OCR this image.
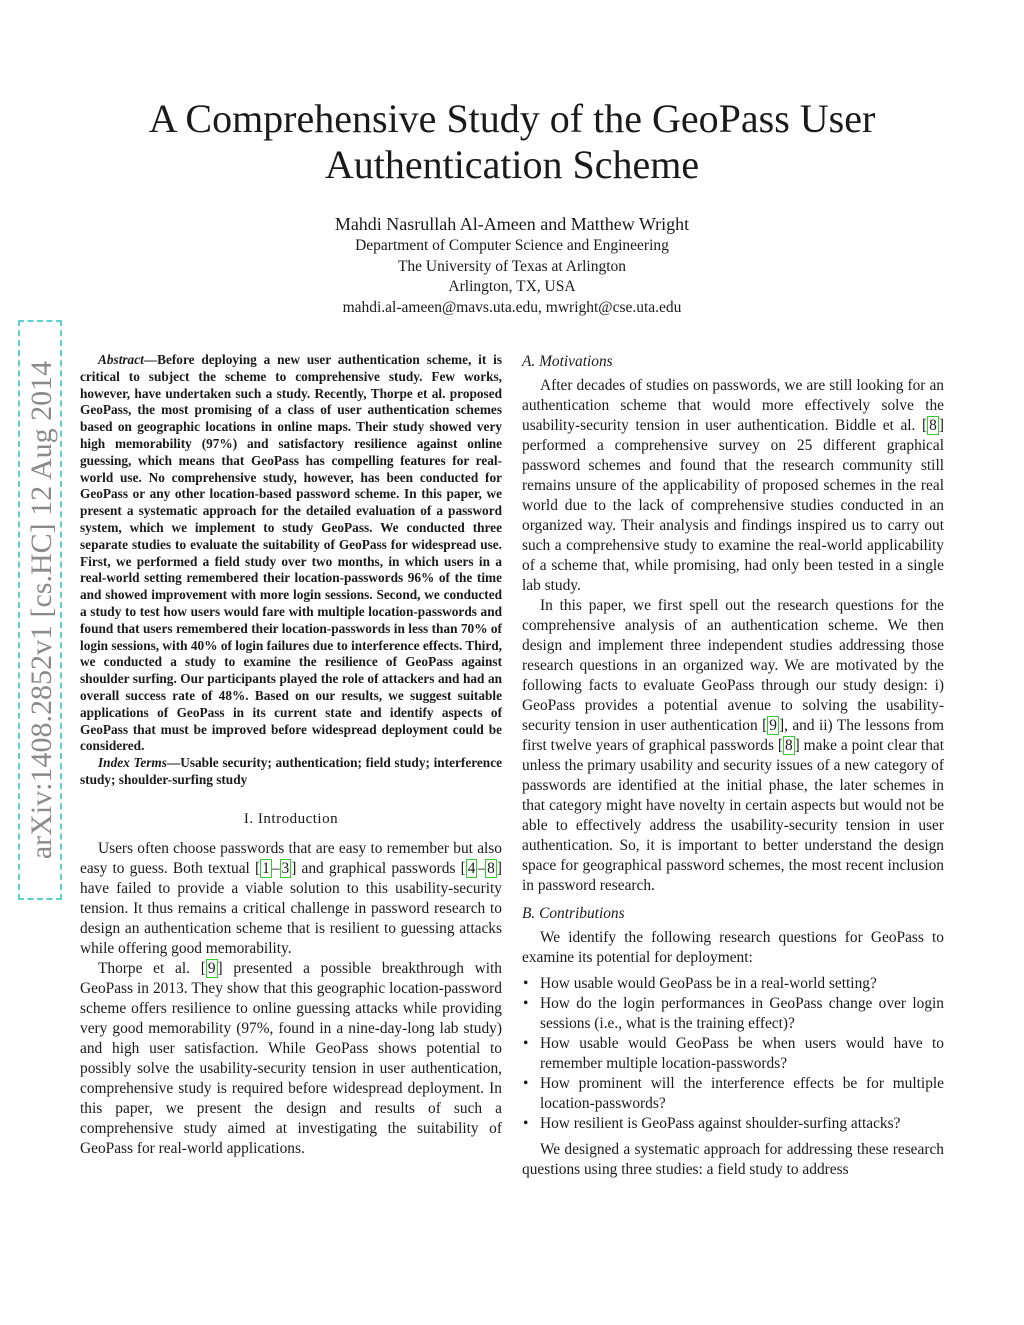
arXiv:1408.2852v1 [cs.HC] 12 Aug 2014
A Comprehensive Study of the GeoPass User Authentication Scheme
Mahdi Nasrullah Al-Ameen and Matthew Wright
Department of Computer Science and Engineering
The University of Texas at Arlington
Arlington, TX, USA
mahdi.al-ameen@mavs.uta.edu, mwright@cse.uta.edu

Abstract—Before deploying a new user authentication scheme, it is critical to subject the scheme to comprehensive study. Few works, however, have undertaken such a study. Recently, Thorpe et al. proposed GeoPass, the most promising of a class of user authentication schemes based on geographic locations in online maps. Their study showed very high memorability (97%) and satisfactory resilience against online guessing, which means that GeoPass has compelling features for real-world use. No comprehensive study, however, has been conducted for GeoPass or any other location-based password scheme. In this paper, we present a systematic approach for the detailed evaluation of a password system, which we implement to study GeoPass. We conducted three separate studies to evaluate the suitability of GeoPass for widespread use. First, we performed a field study over two months, in which users in a real-world setting remembered their location-passwords 96% of the time and showed improvement with more login sessions. Second, we conducted a study to test how users would fare with multiple location-passwords and found that users remembered their location-passwords in less than 70% of login sessions, with 40% of login failures due to interference effects. Third, we conducted a study to examine the resilience of GeoPass against shoulder surfing. Our participants played the role of attackers and had an overall success rate of 48%. Based on our results, we suggest suitable applications of GeoPass in its current state and identify aspects of GeoPass that must be improved before widespread deployment could be considered.

Index Terms—Usable security; authentication; field study; interference study; shoulder-surfing study

I. Introduction

Users often choose passwords that are easy to remember but also easy to guess. Both textual [ 1 – 3 ] and graphical passwords [ 4 – 8 ] have failed to provide a viable solution to this usability-security tension. It thus remains a critical challenge in password research to design an authentication scheme that is resilient to guessing attacks while offering good memorability.

Thorpe et al. [ 9 ] presented a possible breakthrough with GeoPass in 2013. They show that this geographic location-password scheme offers resilience to online guessing attacks while providing very good memorability (97%, found in a nine-day-long lab study) and high user satisfaction. While GeoPass shows potential to possibly solve the usability-security tension in user authentication, comprehensive study is required before widespread deployment. In this paper, we present the design and results of such a comprehensive study aimed at investigating the suitability of GeoPass for real-world applications.

A. Motivations

After decades of studies on passwords, we are still looking for an authentication scheme that would more effectively solve the usability-security tension in user authentication. Biddle et al. [ 8 ] performed a comprehensive survey on 25 different graphical password schemes and found that the research community still remains unsure of the applicability of proposed schemes in the real world due to the lack of comprehensive studies conducted in an organized way. Their analysis and findings inspired us to carry out such a comprehensive study to examine the real-world applicability of a scheme that, while promising, had only been tested in a single lab study.

In this paper, we first spell out the research questions for the comprehensive analysis of an authentication scheme. We then design and implement three independent studies addressing those research questions in an organized way. We are motivated by the following facts to evaluate GeoPass through our study design: i) GeoPass provides a potential avenue to solving the usability-security tension in user authentication [ 9 ], and ii) The lessons from first twelve years of graphical passwords [ 8 ] make a point clear that unless the primary usability and security issues of a new category of passwords are identified at the initial phase, the later schemes in that category might have novelty in certain aspects but would not be able to effectively address the usability-security tension in user authentication. So, it is important to better understand the design space for geographical password schemes, the most recent inclusion in password research.

B. Contributions

We identify the following research questions for GeoPass to examine its potential for deployment:

• How usable would GeoPass be in a real-world setting?
• How do the login performances in GeoPass change over login sessions (i.e., what is the training effect)?
• How usable would GeoPass be when users would have to remember multiple location-passwords?
• How prominent will the interference effects be for multiple location-passwords?
• How resilient is GeoPass against shoulder-surfing attacks?

We designed a systematic approach for addressing these research questions using three studies: a field study to address
